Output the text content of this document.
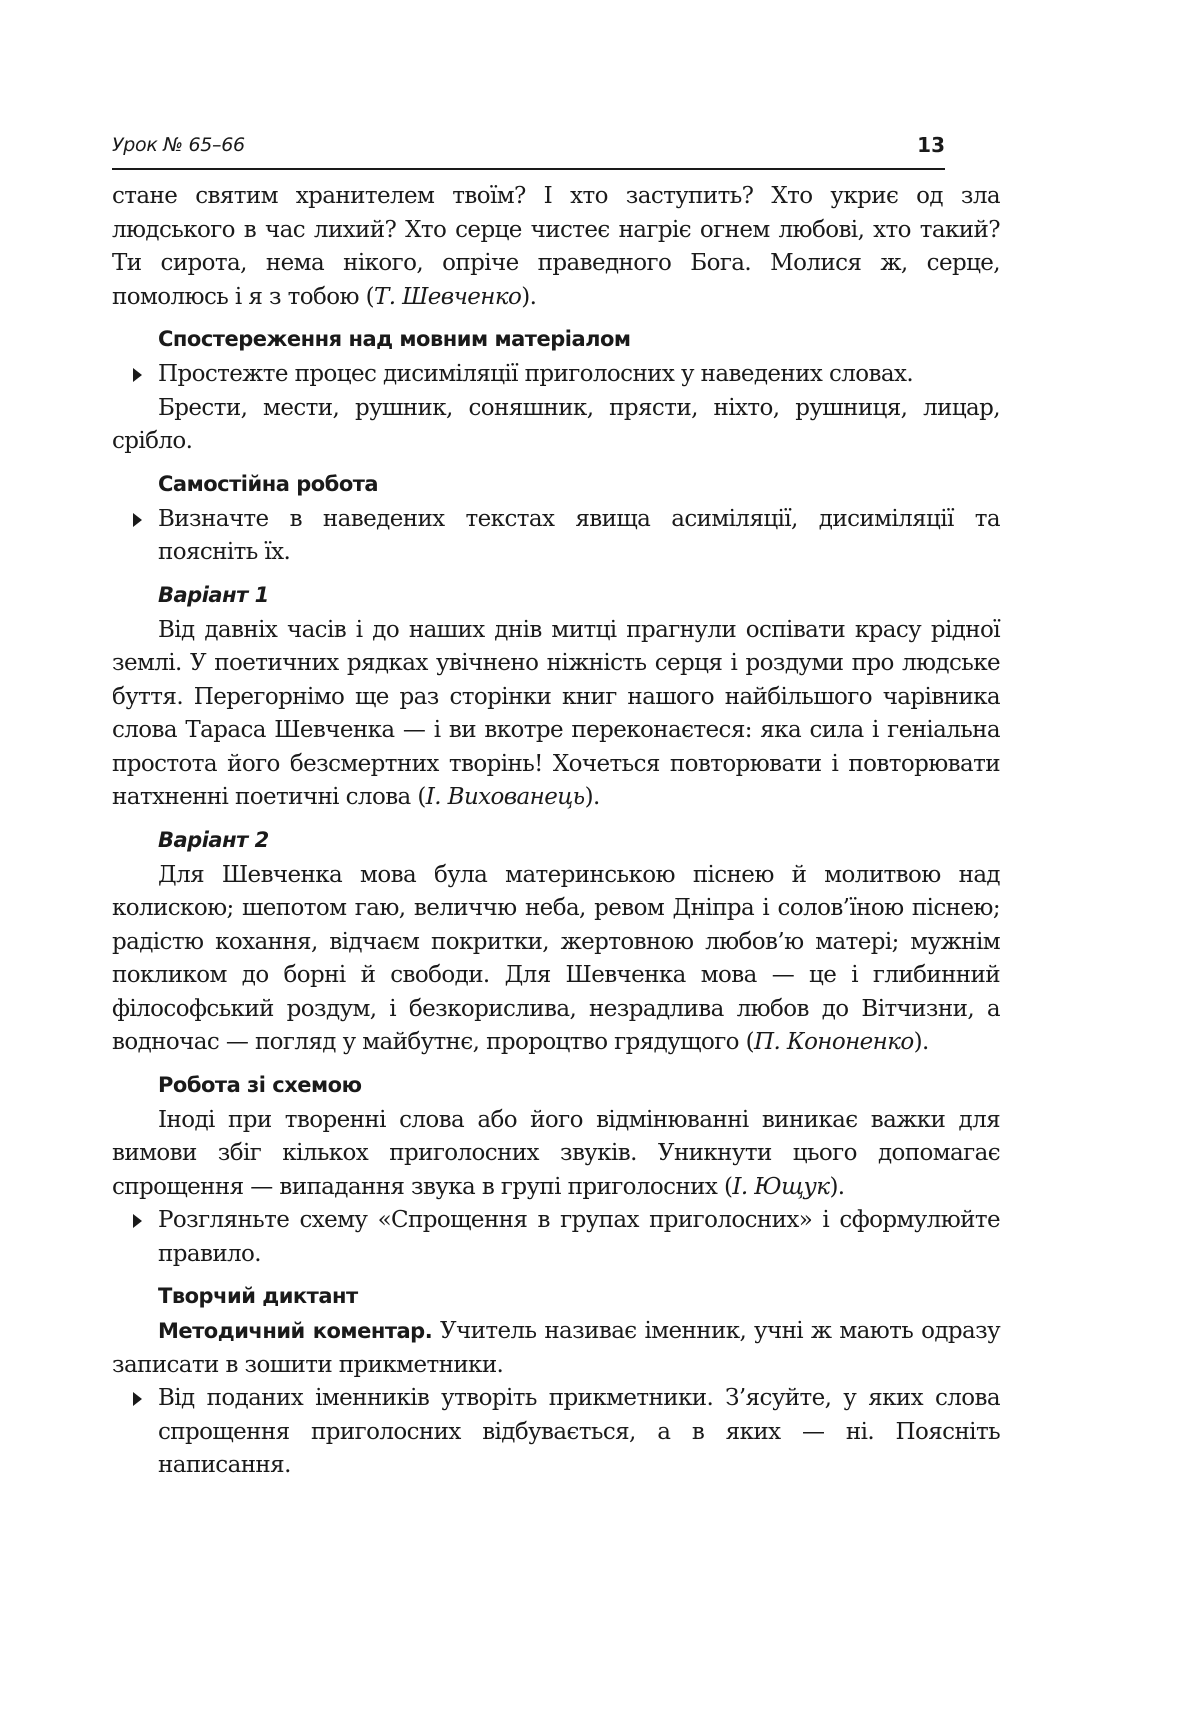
Урок № 65–66	13

стане святим хранителем твоїм? І хто заступить? Хто укриє од зла людського в час лихий? Хто серце чистеє нагріє огнем любові, хто такий? Ти сирота, нема нікого, опріче праведного Бога. Молися ж, серце, помолюсь і я з тобою (Т. Шевченко).

Спостереження над мовним матеріалом
Простежте процес дисиміляції приголосних у наведених словах.

Брести, мести, рушник, соняшник, прясти, ніхто, рушниця, лицар, срібло.

Самостійна робота
Визначте в наведених текстах явища асиміляції, дисиміляції та поясніть їх.
Варіант 1

Від давніх часів і до наших днів митці прагнули оспівати красу рідної землі. У поетичних рядках увічнено ніжність серця і роздуми про людське буття. Перегорнімо ще раз сторінки книг нашого найбільшого чарівника слова Тараса Шевченка — і ви вкотре переконаєтеся: яка сила і геніальна простота його безсмертних творінь! Хочеться повторювати і повторювати натхненні поетичні слова (І. Вихованець).

Варіант 2

Для Шевченка мова була материнською піснею й молитвою над колискою; шепотом гаю, величчю неба, ревом Дніпра і солов’їною піснею; радістю кохання, відчаєм покритки, жертовною любов’ю матері; мужнім покликом до борні й свободи. Для Шевченка мова — це і глибинний філософський роздум, і безкорислива, незрадлива любов до Вітчизни, а водночас — погляд у майбутнє, пророцтво грядущого (П. Кононенко).

Робота зі схемою

Іноді при творенні слова або його відмінюванні виникає важки для вимови збіг кількох приголосних звуків. Уникнути цього допомагає спрощення — випадання звука в групі приголосних (І. Ющук).

Розгляньте схему «Спрощення в групах приголосних» і сформулюйте правило.
Творчий диктант

Методичний коментар. Учитель називає іменник, учні ж мають одразу записати в зошити прикметники.

Від поданих іменників утворіть прикметники. З’ясуйте, у яких слова спрощення приголосних відбувається, а в яких — ні. Поясніть написання.
